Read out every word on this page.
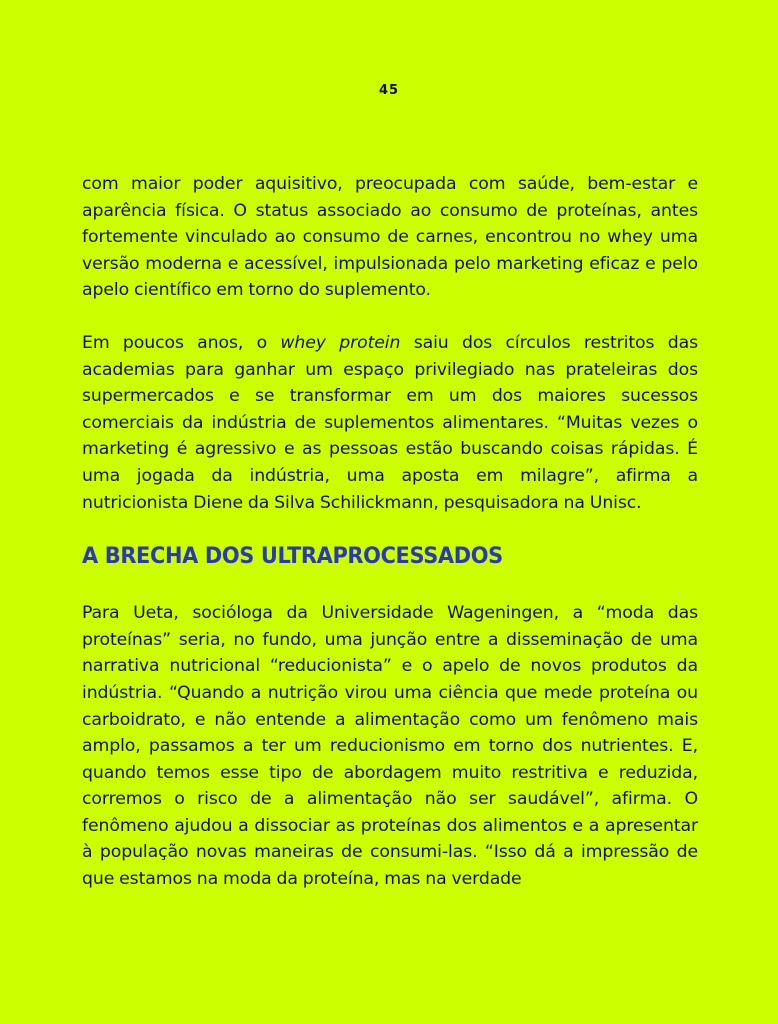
45

com maior poder aquisitivo, preocupada com saúde, bem-estar e aparência física. O status associado ao consumo de proteínas, antes fortemente vinculado ao consumo de carnes, encontrou no whey uma versão moderna e acessível, impulsionada pelo marketing eficaz e pelo apelo científico em torno do suplemento.

Em poucos anos, o whey protein saiu dos círculos restritos das academias para ganhar um espaço privilegiado nas prateleiras dos supermercados e se transformar em um dos maiores sucessos comerciais da indústria de suplementos alimentares. “Muitas vezes o marketing é agressivo e as pessoas estão buscando coisas rápidas. É uma jogada da indústria, uma aposta em milagre”, afirma a nutricionista Diene da Silva Schilickmann, pesquisadora na Unisc.

A BRECHA DOS ULTRAPROCESSADOS

Para Ueta, socióloga da Universidade Wageningen, a “moda das proteínas” seria, no fundo, uma junção entre a disseminação de uma narrativa nutricional “reducionista” e o apelo de novos produtos da indústria. “Quando a nutrição virou uma ciência que mede proteína ou carboidrato, e não entende a alimentação como um fenômeno mais amplo, passamos a ter um reducionismo em torno dos nutrientes. E, quando temos esse tipo de abordagem muito restritiva e reduzida, corremos o risco de a alimentação não ser saudável”, afirma. O fenômeno ajudou a dissociar as proteínas dos alimentos e a apresentar à população novas maneiras de consumi-las. “Isso dá a impressão de que estamos na moda da proteína, mas na verdade
